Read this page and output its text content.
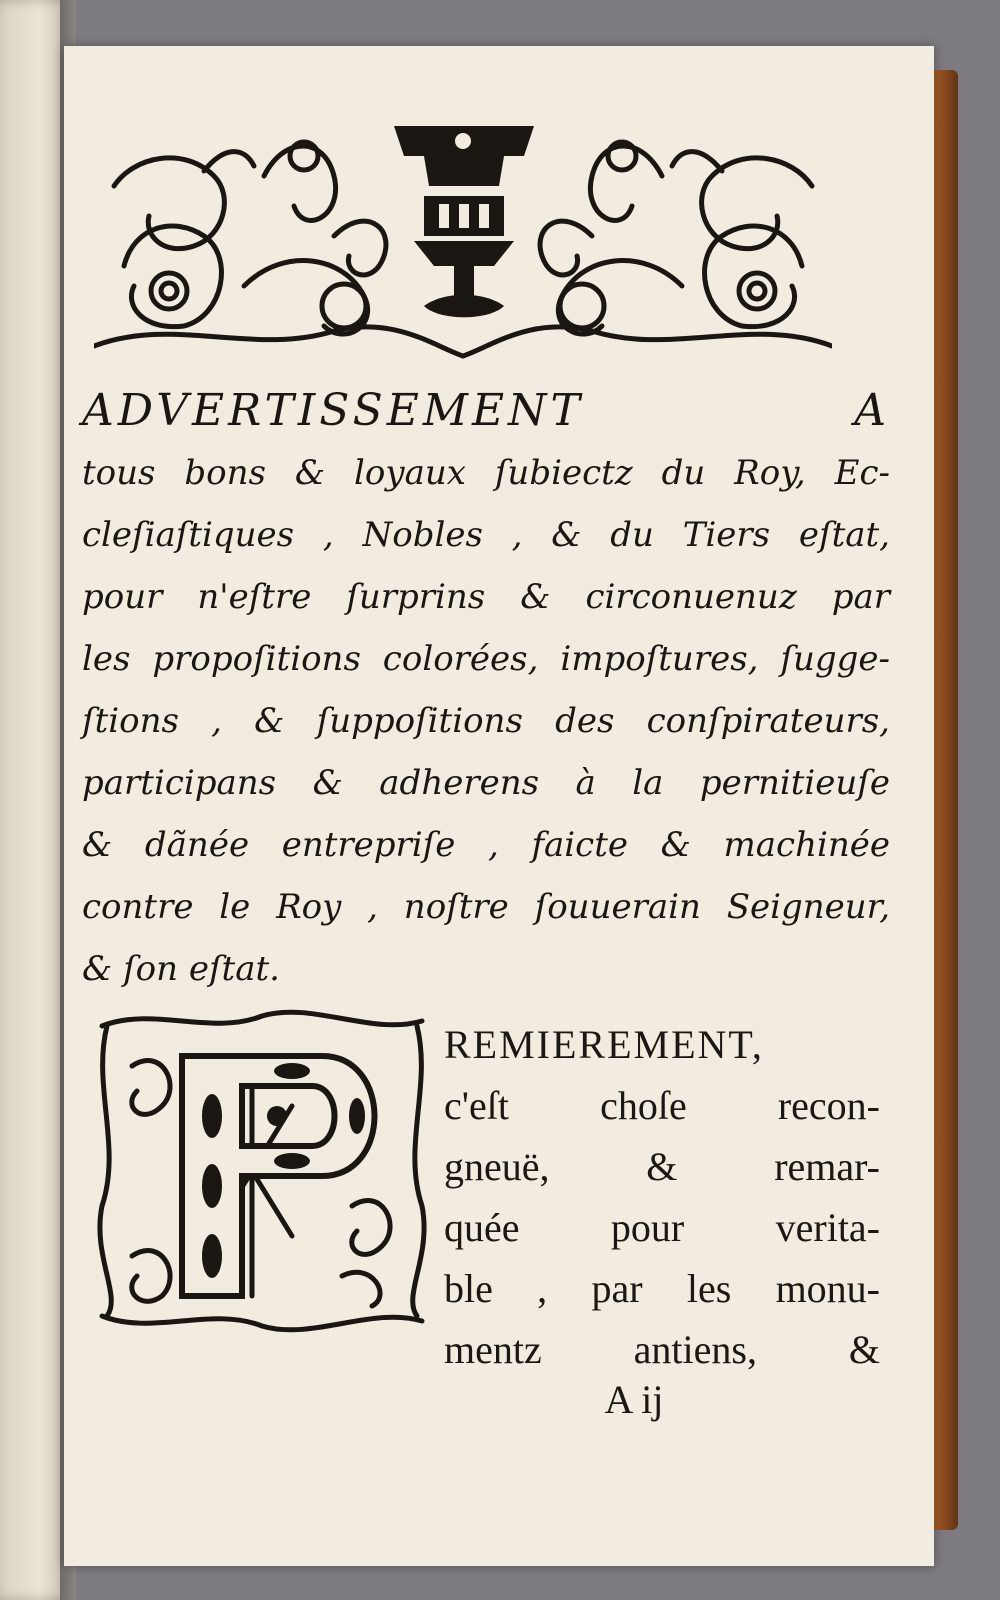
ADVERTISSEMENT A
tous bons & loyaux ſubiectz du Roy, Ec-
cleſiaſtiques , Nobles , & du Tiers eſtat,
pour n'eſtre ſurprins & circonuenuz par
les propoſitions colorées, impoſtures, ſugge-
ſtions , & ſuppoſitions des conſpirateurs,
participans & adherens à la pernitieuſe
& dãnée entrepriſe , faicte & machinée
contre le Roy , noſtre ſouuerain Seigneur,
& ſon eſtat.
REMIEREMENT,
c'eſt choſe recon-
gneuë, & remar-
quée pour verita-
ble , par les monu-
mentz antiens, &
A ij
